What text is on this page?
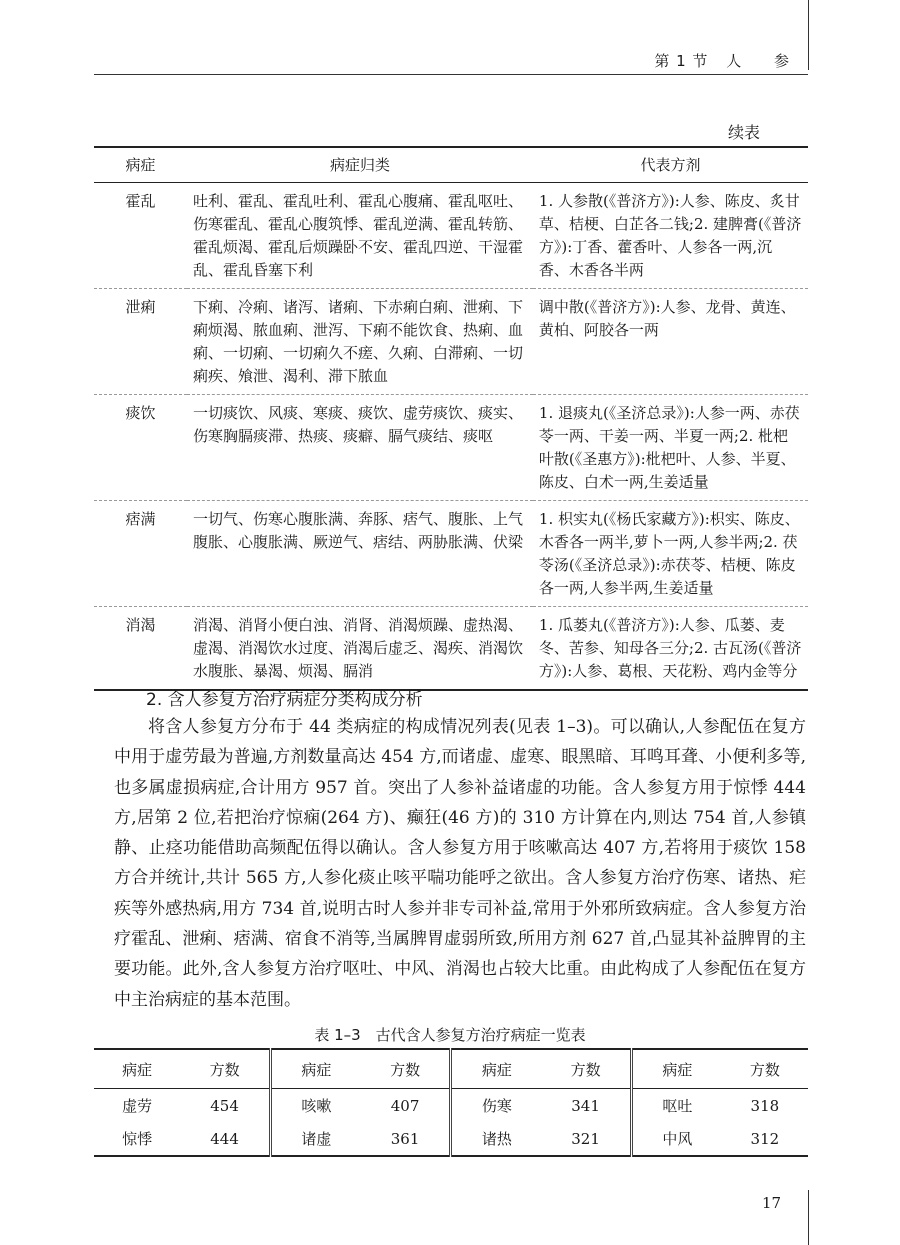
第 1 节 人 参
续表
病症	病症归类	代表方剂
霍乱	吐利、霍乱、霍乱吐利、霍乱心腹痛、霍乱呕吐、伤寒霍乱、霍乱心腹筑悸、霍乱逆满、霍乱转筋、霍乱烦渴、霍乱后烦躁卧不安、霍乱四逆、干湿霍乱、霍乱昏塞下利	1. 人参散(《普济方》):人参、陈皮、炙甘草、桔梗、白芷各二钱;2. 建脾膏(《普济方》):丁香、藿香叶、人参各一两,沉香、木香各半两
泄痢	下痢、冷痢、诸泻、诸痢、下赤痢白痢、泄痢、下痢烦渴、脓血痢、泄泻、下痢不能饮食、热痢、血痢、一切痢、一切痢久不瘥、久痢、白滞痢、一切痢疾、飧泄、渴利、滞下脓血	调中散(《普济方》):人参、龙骨、黄连、黄柏、阿胶各一两
痰饮	一切痰饮、风痰、寒痰、痰饮、虚劳痰饮、痰实、伤寒胸膈痰滞、热痰、痰癖、膈气痰结、痰呕	1. 退痰丸(《圣济总录》):人参一两、赤茯苓一两、干姜一两、半夏一两;2. 枇杷叶散(《圣惠方》):枇杷叶、人参、半夏、陈皮、白术一两,生姜适量
痞满	一切气、伤寒心腹胀满、奔豚、痞气、腹胀、上气腹胀、心腹胀满、厥逆气、痞结、两胁胀满、伏梁	1. 枳实丸(《杨氏家藏方》):枳实、陈皮、木香各一两半,萝卜一两,人参半两;2. 茯苓汤(《圣济总录》):赤茯苓、桔梗、陈皮各一两,人参半两,生姜适量
消渴	消渴、消肾小便白浊、消肾、消渴烦躁、虚热渴、虚渴、消渴饮水过度、消渴后虚乏、渴疾、消渴饮水腹胀、暴渴、烦渴、膈消	1. 瓜蒌丸(《普济方》):人参、瓜蒌、麦冬、苦参、知母各三分;2. 古瓦汤(《普济方》):人参、葛根、天花粉、鸡内金等分
2. 含人参复方治疗病症分类构成分析

将含人参复方分布于 44 类病症的构成情况列表(见表 1–3)。可以确认,人参配伍在复方中用于虚劳最为普遍,方剂数量高达 454 方,而诸虚、虚寒、眼黑暗、耳鸣耳聋、小便利多等,也多属虚损病症,合计用方 957 首。突出了人参补益诸虚的功能。含人参复方用于惊悸 444 方,居第 2 位,若把治疗惊痫(264 方)、癫狂(46 方)的 310 方计算在内,则达 754 首,人参镇静、止痉功能借助高频配伍得以确认。含人参复方用于咳嗽高达 407 方,若将用于痰饮 158 方合并统计,共计 565 方,人参化痰止咳平喘功能呼之欲出。含人参复方治疗伤寒、诸热、疟疾等外感热病,用方 734 首,说明古时人参并非专司补益,常用于外邪所致病症。含人参复方治疗霍乱、泄痢、痞满、宿食不消等,当属脾胃虚弱所致,所用方剂 627 首,凸显其补益脾胃的主要功能。此外,含人参复方治疗呕吐、中风、消渴也占较大比重。由此构成了人参配伍在复方中主治病症的基本范围。

表 1–3　古代含人参复方治疗病症一览表
病症	方数	病症	方数	病症	方数	病症	方数
虚劳	454	咳嗽	407	伤寒	341	呕吐	318
惊悸	444	诸虚	361	诸热	321	中风	312
17
